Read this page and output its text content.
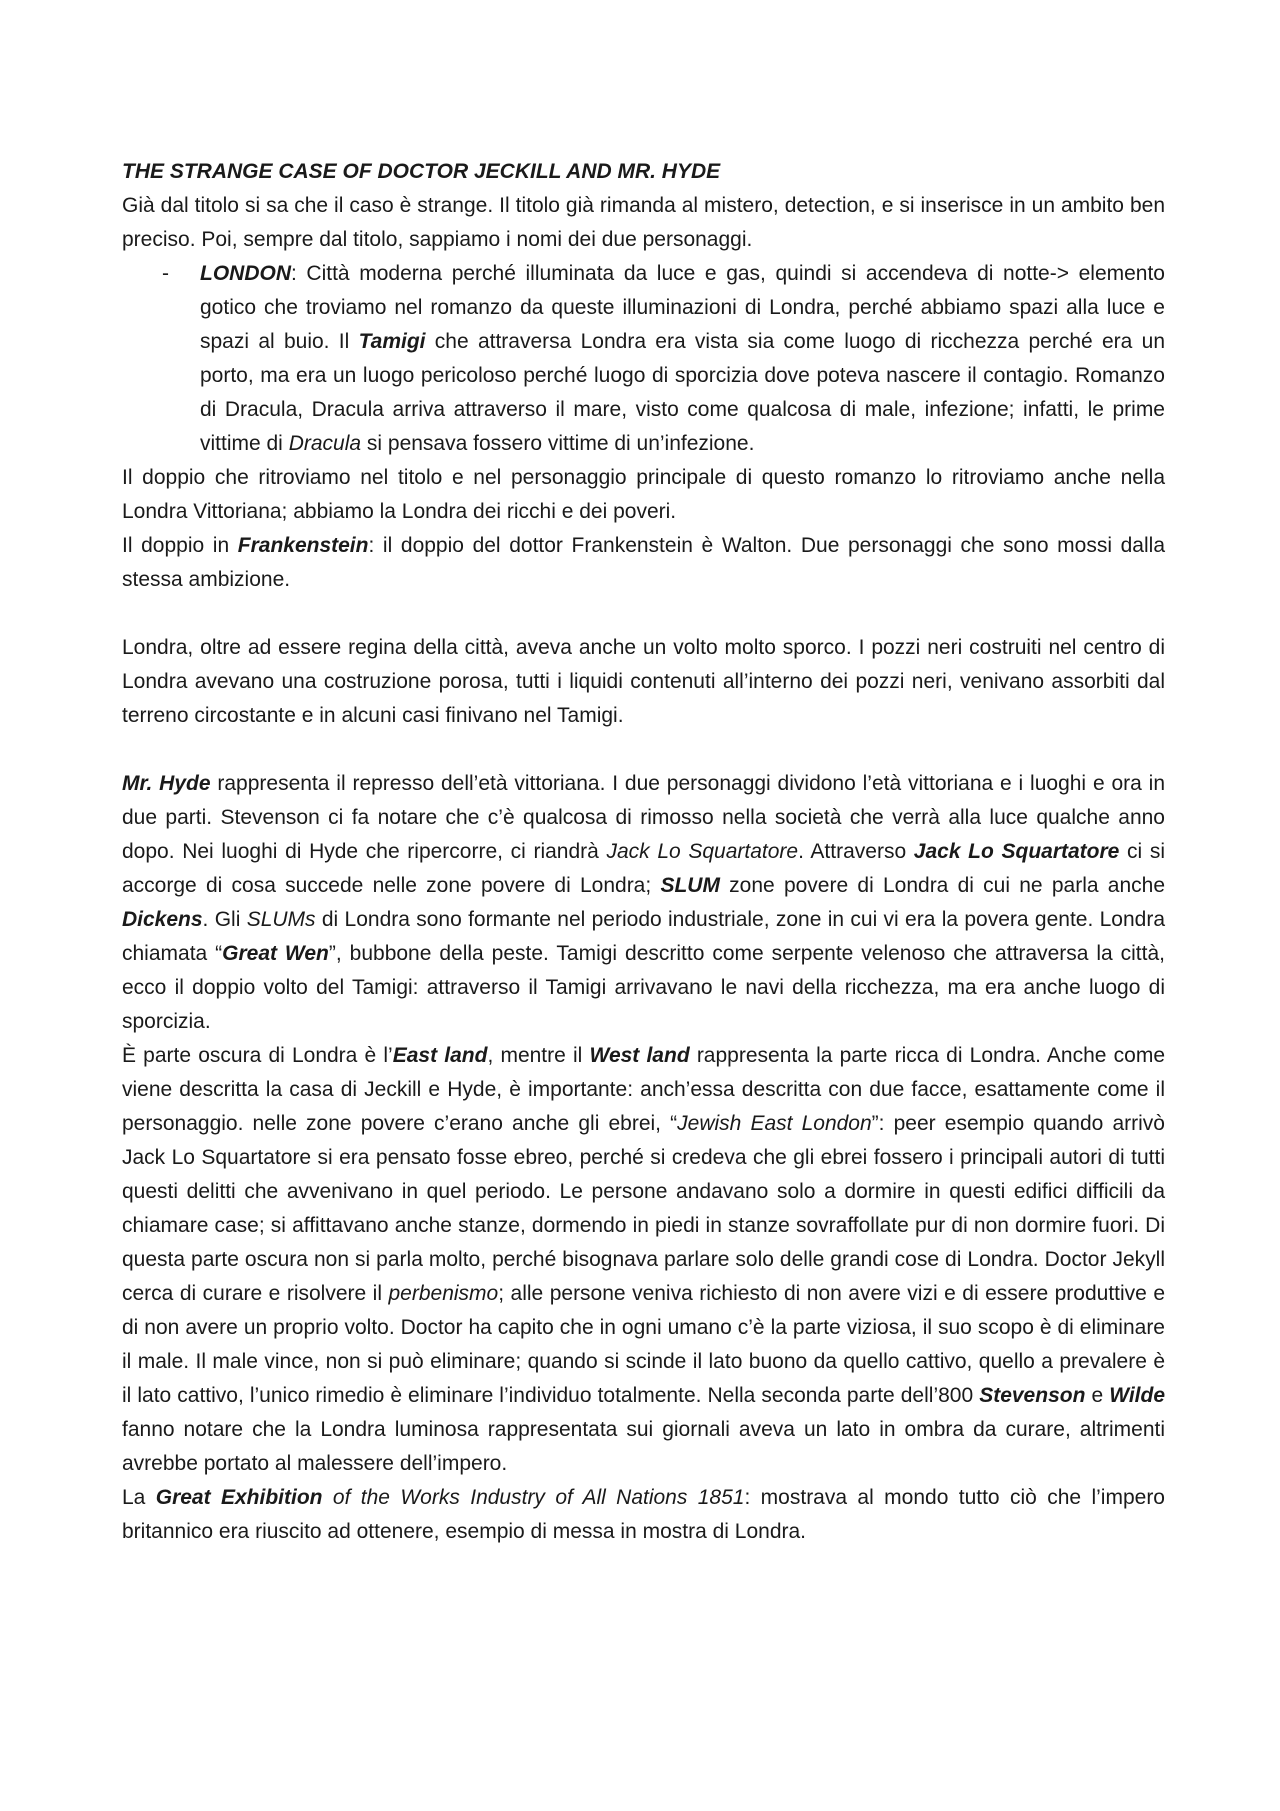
THE STRANGE CASE OF DOCTOR JECKILL AND MR. HYDE

Già dal titolo si sa che il caso è strange. Il titolo già rimanda al mistero, detection, e si inserisce in un ambito ben preciso. Poi, sempre dal titolo, sappiamo i nomi dei due personaggi.

- LONDON: Città moderna perché illuminata da luce e gas, quindi si accendeva di notte-> elemento gotico che troviamo nel romanzo da queste illuminazioni di Londra, perché abbiamo spazi alla luce e spazi al buio. Il Tamigi che attraversa Londra era vista sia come luogo di ricchezza perché era un porto, ma era un luogo pericoloso perché luogo di sporcizia dove poteva nascere il contagio. Romanzo di Dracula, Dracula arriva attraverso il mare, visto come qualcosa di male, infezione; infatti, le prime vittime di Dracula si pensava fossero vittime di un’infezione.

Il doppio che ritroviamo nel titolo e nel personaggio principale di questo romanzo lo ritroviamo anche nella Londra Vittoriana; abbiamo la Londra dei ricchi e dei poveri.

Il doppio in Frankenstein: il doppio del dottor Frankenstein è Walton. Due personaggi che sono mossi dalla stessa ambizione.

Londra, oltre ad essere regina della città, aveva anche un volto molto sporco. I pozzi neri costruiti nel centro di Londra avevano una costruzione porosa, tutti i liquidi contenuti all’interno dei pozzi neri, venivano assorbiti dal terreno circostante e in alcuni casi finivano nel Tamigi.

Mr. Hyde rappresenta il represso dell’età vittoriana. I due personaggi dividono l’età vittoriana e i luoghi e ora in due parti. Stevenson ci fa notare che c’è qualcosa di rimosso nella società che verrà alla luce qualche anno dopo. Nei luoghi di Hyde che ripercorre, ci riandrà Jack Lo Squartatore. Attraverso Jack Lo Squartatore ci si accorge di cosa succede nelle zone povere di Londra; SLUM zone povere di Londra di cui ne parla anche Dickens. Gli SLUMs di Londra sono formante nel periodo industriale, zone in cui vi era la povera gente. Londra chiamata “Great Wen”, bubbone della peste. Tamigi descritto come serpente velenoso che attraversa la città, ecco il doppio volto del Tamigi: attraverso il Tamigi arrivavano le navi della ricchezza, ma era anche luogo di sporcizia.

È parte oscura di Londra è l’East land, mentre il West land rappresenta la parte ricca di Londra. Anche come viene descritta la casa di Jeckill e Hyde, è importante: anch’essa descritta con due facce, esattamente come il personaggio. nelle zone povere c’erano anche gli ebrei, “Jewish East London”: peer esempio quando arrivò Jack Lo Squartatore si era pensato fosse ebreo, perché si credeva che gli ebrei fossero i principali autori di tutti questi delitti che avvenivano in quel periodo. Le persone andavano solo a dormire in questi edifici difficili da chiamare case; si affittavano anche stanze, dormendo in piedi in stanze sovraffollate pur di non dormire fuori. Di questa parte oscura non si parla molto, perché bisognava parlare solo delle grandi cose di Londra. Doctor Jekyll cerca di curare e risolvere il perbenismo; alle persone veniva richiesto di non avere vizi e di essere produttive e di non avere un proprio volto. Doctor ha capito che in ogni umano c’è la parte viziosa, il suo scopo è di eliminare il male. Il male vince, non si può eliminare; quando si scinde il lato buono da quello cattivo, quello a prevalere è il lato cattivo, l’unico rimedio è eliminare l’individuo totalmente. Nella seconda parte dell’800 Stevenson e Wilde fanno notare che la Londra luminosa rappresentata sui giornali aveva un lato in ombra da curare, altrimenti avrebbe portato al malessere dell’impero.

La Great Exhibition of the Works Industry of All Nations 1851: mostrava al mondo tutto ciò che l’impero britannico era riuscito ad ottenere, esempio di messa in mostra di Londra.
